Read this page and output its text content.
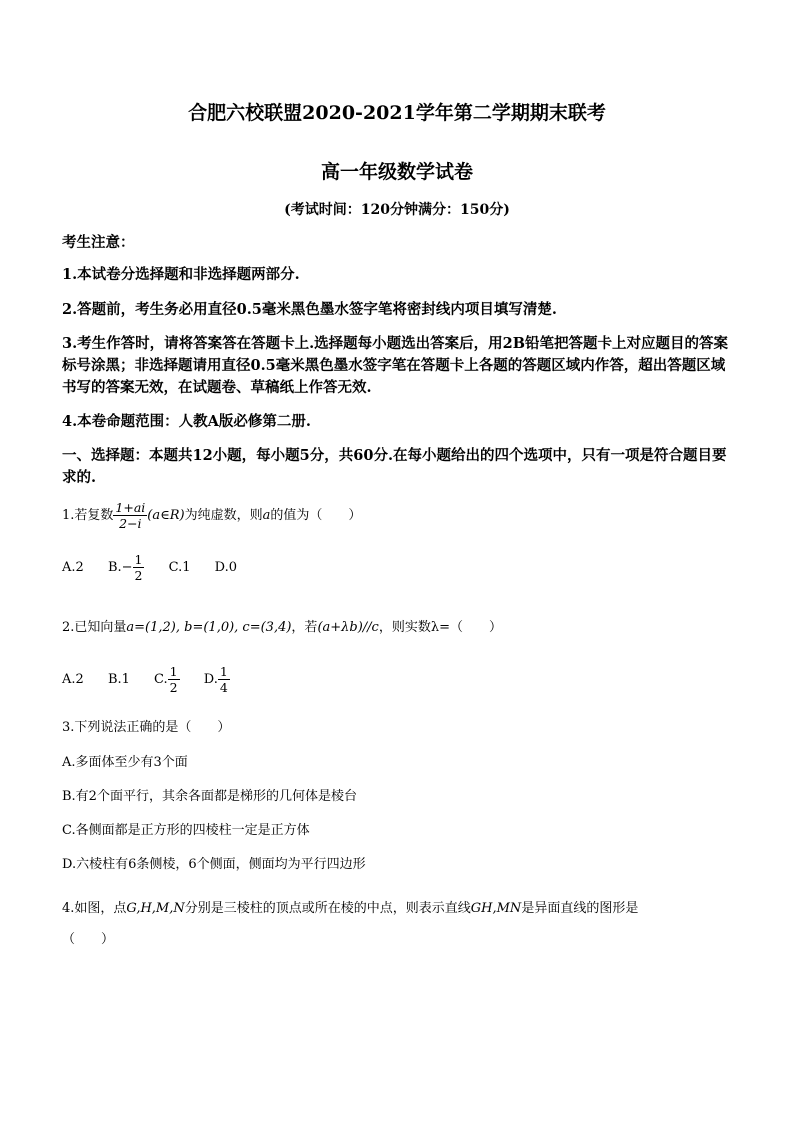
合肥六校联盟2020-2021学年第二学期期末联考
高一年级数学试卷
(考试时间：120分钟满分：150分)
考生注意：
1.本试卷分选择题和非选择题两部分.
2.答题前，考生务必用直径0.5毫米黑色墨水签字笔将密封线内项目填写清楚.
3.考生作答时，请将答案答在答题卡上.选择题每小题选出答案后，用2B铅笔把答题卡上对应题目的答案标号涂黑；非选择题请用直径0.5毫米黑色墨水签字笔在答题卡上各题的答题区域内作答，超出答题区域书写的答案无效，在试题卷、草稿纸上作答无效.
4.本卷命题范围：人教A版必修第二册.
一、选择题：本题共12小题，每小题5分，共60分.在每小题给出的四个选项中，只有一项是符合题目要求的.
1.若复数 $\frac{1+ai}{2-i}$ (a∈R)为纯虚数，则a的值为（　　）
A.2 $B.- \frac{1}{2} C.1$ D.0
2.已知向量a=(1,2), b=(1,0), c=(3,4)，若(a+λb)//c，则实数λ=（　　）
A.2 B.1 C. $\frac{1}{2} D$. $\frac{1}{4}$
3.下列说法正确的是（　　）
A.多面体至少有3个面
B.有2个面平行，其余各面都是梯形的几何体是棱台
C.各侧面都是正方形的四棱柱一定是正方体
D.六棱柱有6条侧棱，6个侧面，侧面均为平行四边形
4.如图，点G,H,M,N分别是三棱柱的顶点或所在棱的中点，则表示直线GH,MN是异面直线的图形是
（　　）
